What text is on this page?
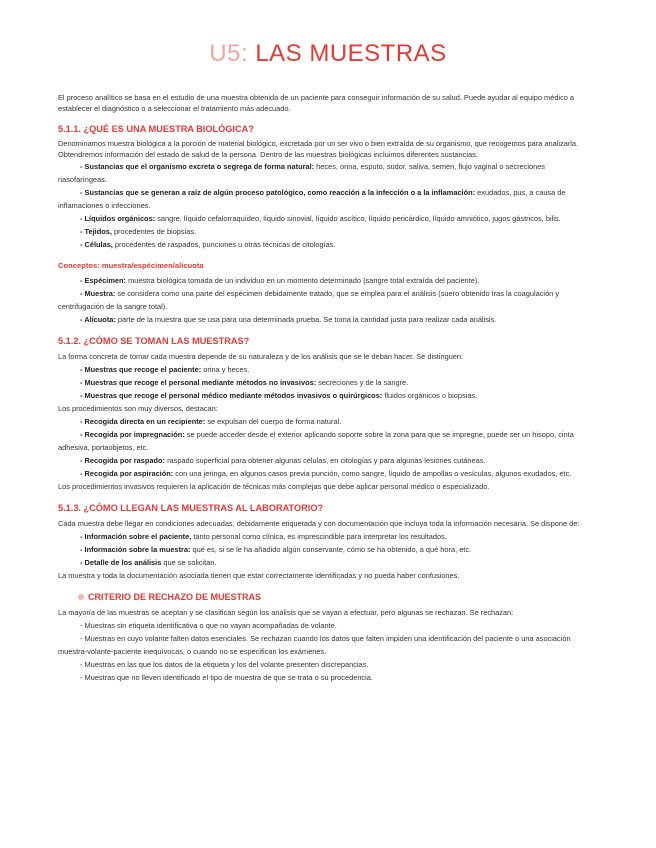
U5: LAS MUESTRAS

El proceso analítico se basa en el estudio de una muestra obtenida de un paciente para conseguir información de su salud. Puede ayudar al equipo médico a

establecer el diagnóstico o a seleccionar el tratamiento más adecuado.

5.1.1. ¿QUÉ ES UNA MUESTRA BIOLÓGICA?

Denominamos muestra biológica a la porción de material biológico, excretada por un ser vivo o bien extraída de su organismo, que recogemos para analizarla.

Obtendremos información del estado de salud de la persona. Dentro de las muestras biológicas incluimos diferentes sustancias:

- Sustancias que el organismo excreta o segrega de forma natural: heces, orina, esputo, sudor, saliva, semen, flujo vaginal o secreciones

nasofaríngeas.

- Sustancias que se generan a raíz de algún proceso patológico, como reacción a la infección o a la inflamación: exudados, pus, a causa de

inflamaciones o infecciones.

- Líquidos orgánicos: sangre, líquido cefalorraquídeo, líquido sinovial, líquido ascítico, líquido pericárdico, líquido amniótico, jugos gástricos, bilis.

- Tejidos, procedentes de biopsias.

- Células, procedentes de raspados, punciones u otras técnicas de citologías.

Conceptos: muestra/espécimen/alícuota

- Espécimen: muestra biológica tomada de un individuo en un momento determinado (sangre total extraída del paciente).

- Muestra: se considera como una parte del espécimen debidamente tratado, que se emplea para el análisis (suero obtenido tras la coagulación y

centrifugación de la sangre total).

- Alícuota: parte de la muestra que se usa para una determinada prueba. Se toma la cantidad justa para realizar cada análisis.

5.1.2. ¿CÓMO SE TOMAN LAS MUESTRAS?

La forma concreta de tomar cada muestra depende de su naturaleza y de los análisis que se le deban hacer. Se distinguen:

- Muestras que recoge el paciente: orina y heces.

- Muestras que recoge el personal mediante métodos no invasivos: secreciones y de la sangre.

- Muestras que recoge el personal médico mediante métodos invasivos o quirúrgicos: fluidos orgánicos o biopsias.

Los procedimientos son muy diversos, destacan:

- Recogida directa en un recipiente: se expulsan del cuerpo de forma natural.

- Recogida por impregnación: se puede acceder desde el exterior aplicando soporte sobre la zona para que se impregne, puede ser un hisopo, cinta

adhesiva, portaobjetos, etc.

- Recogida por raspado: raspado superficial para obtener algunas células, en citologías y para algunas lesiones cutáneas.

- Recogida por aspiración: con una jeringa, en algunos casos previa punción, como sangre, líquido de ampollas o vesículas, algunos exudados, etc.

Los procedimientos invasivos requieren la aplicación de técnicas más complejas que debe aplicar personal médico o especializado.

5.1.3. ¿CÓMO LLEGAN LAS MUESTRAS AL LABORATORIO?

Cada muestra debe llegar en condiciones adecuadas, debidamente etiquetada y con documentación que incluya toda la información necesaria. Se dispone de:

- Información sobre el paciente, tanto personal como clínica, es imprescindible para interpretar los resultados.

- Información sobre la muestra: qué es, si se le ha añadido algún conservante, cómo se ha obtenido, a qué hora, etc.

- Detalle de los análisis que se solicitan.

La muestra y toda la documentación asociada tienen que estar correctamente identificadas y no pueda haber confusiones.

CRITERIO DE RECHAZO DE MUESTRAS

La mayoría de las muestras se aceptan y se clasifican según los análisis que se vayan a efectuar, pero algunas se rechazan. Se rechazan:

- Muestras sin etiqueta identificativa o que no vayan acompañadas de volante.

- Muestras en cuyo volante falten datos esenciales. Se rechazan cuando los datos que falten impiden una identificación del paciente o una asociación

muestra-volante-paciente inequívocas, o cuando no se especifican los exámenes.

- Muestras en las que los datos de la etiqueta y los del volante presenten discrepancias.

- Muestras que no lleven identificado el tipo de muestra de que se trata o su procedencia.
